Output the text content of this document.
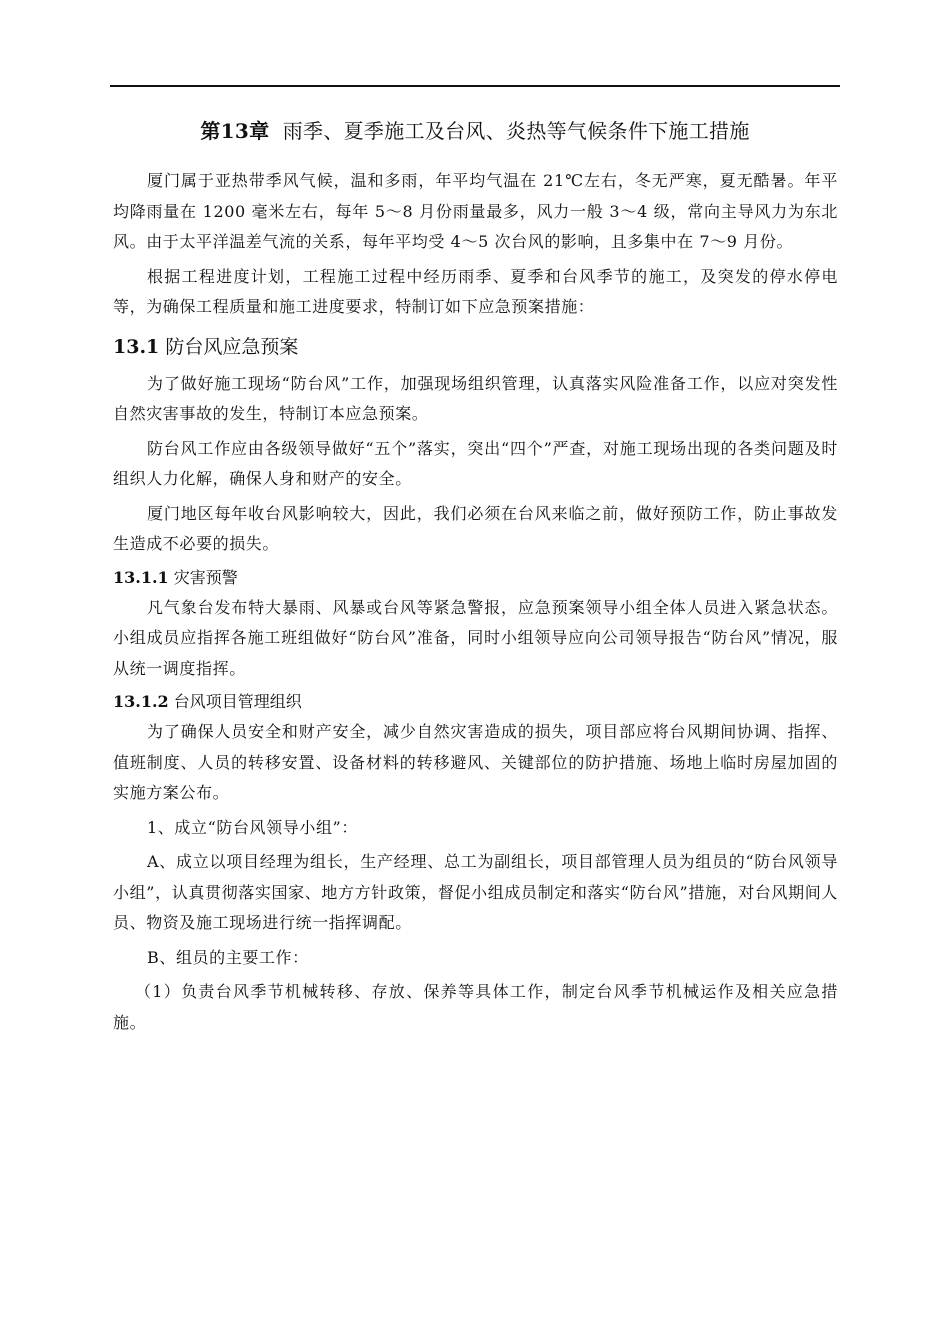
第13章 雨季、夏季施工及台风、炎热等气候条件下施工措施

厦门属于亚热带季风气候，温和多雨，年平均气温在 21℃左右，冬无严寒，夏无酷暑。年平均降雨量在 1200 毫米左右，每年 5～8 月份雨量最多，风力一般 3～4 级，常向主导风力为东北风。由于太平洋温差气流的关系，每年平均受 4～5 次台风的影响，且多集中在 7～9 月份。

根据工程进度计划，工程施工过程中经历雨季、夏季和台风季节的施工，及突发的停水停电等，为确保工程质量和施工进度要求，特制订如下应急预案措施：

13.1 防台风应急预案

为了做好施工现场“防台风”工作，加强现场组织管理，认真落实风险准备工作，以应对突发性自然灾害事故的发生，特制订本应急预案。

防台风工作应由各级领导做好“五个”落实，突出“四个”严查，对施工现场出现的各类问题及时组织人力化解，确保人身和财产的安全。

厦门地区每年收台风影响较大，因此，我们必须在台风来临之前，做好预防工作，防止事故发生造成不必要的损失。

13.1.1 灾害预警

凡气象台发布特大暴雨、风暴或台风等紧急警报，应急预案领导小组全体人员进入紧急状态。小组成员应指挥各施工班组做好“防台风”准备，同时小组领导应向公司领导报告“防台风”情况，服从统一调度指挥。

13.1.2 台风项目管理组织

为了确保人员安全和财产安全，减少自然灾害造成的损失，项目部应将台风期间协调、指挥、值班制度、人员的转移安置、设备材料的转移避风、关键部位的防护措施、场地上临时房屋加固的实施方案公布。

1、成立“防台风领导小组”：

A、成立以项目经理为组长，生产经理、总工为副组长，项目部管理人员为组员的“防台风领导小组”，认真贯彻落实国家、地方方针政策，督促小组成员制定和落实“防台风”措施，对台风期间人员、物资及施工现场进行统一指挥调配。

B、组员的主要工作：

（1）负责台风季节机械转移、存放、保养等具体工作，制定台风季节机械运作及相关应急措施。
